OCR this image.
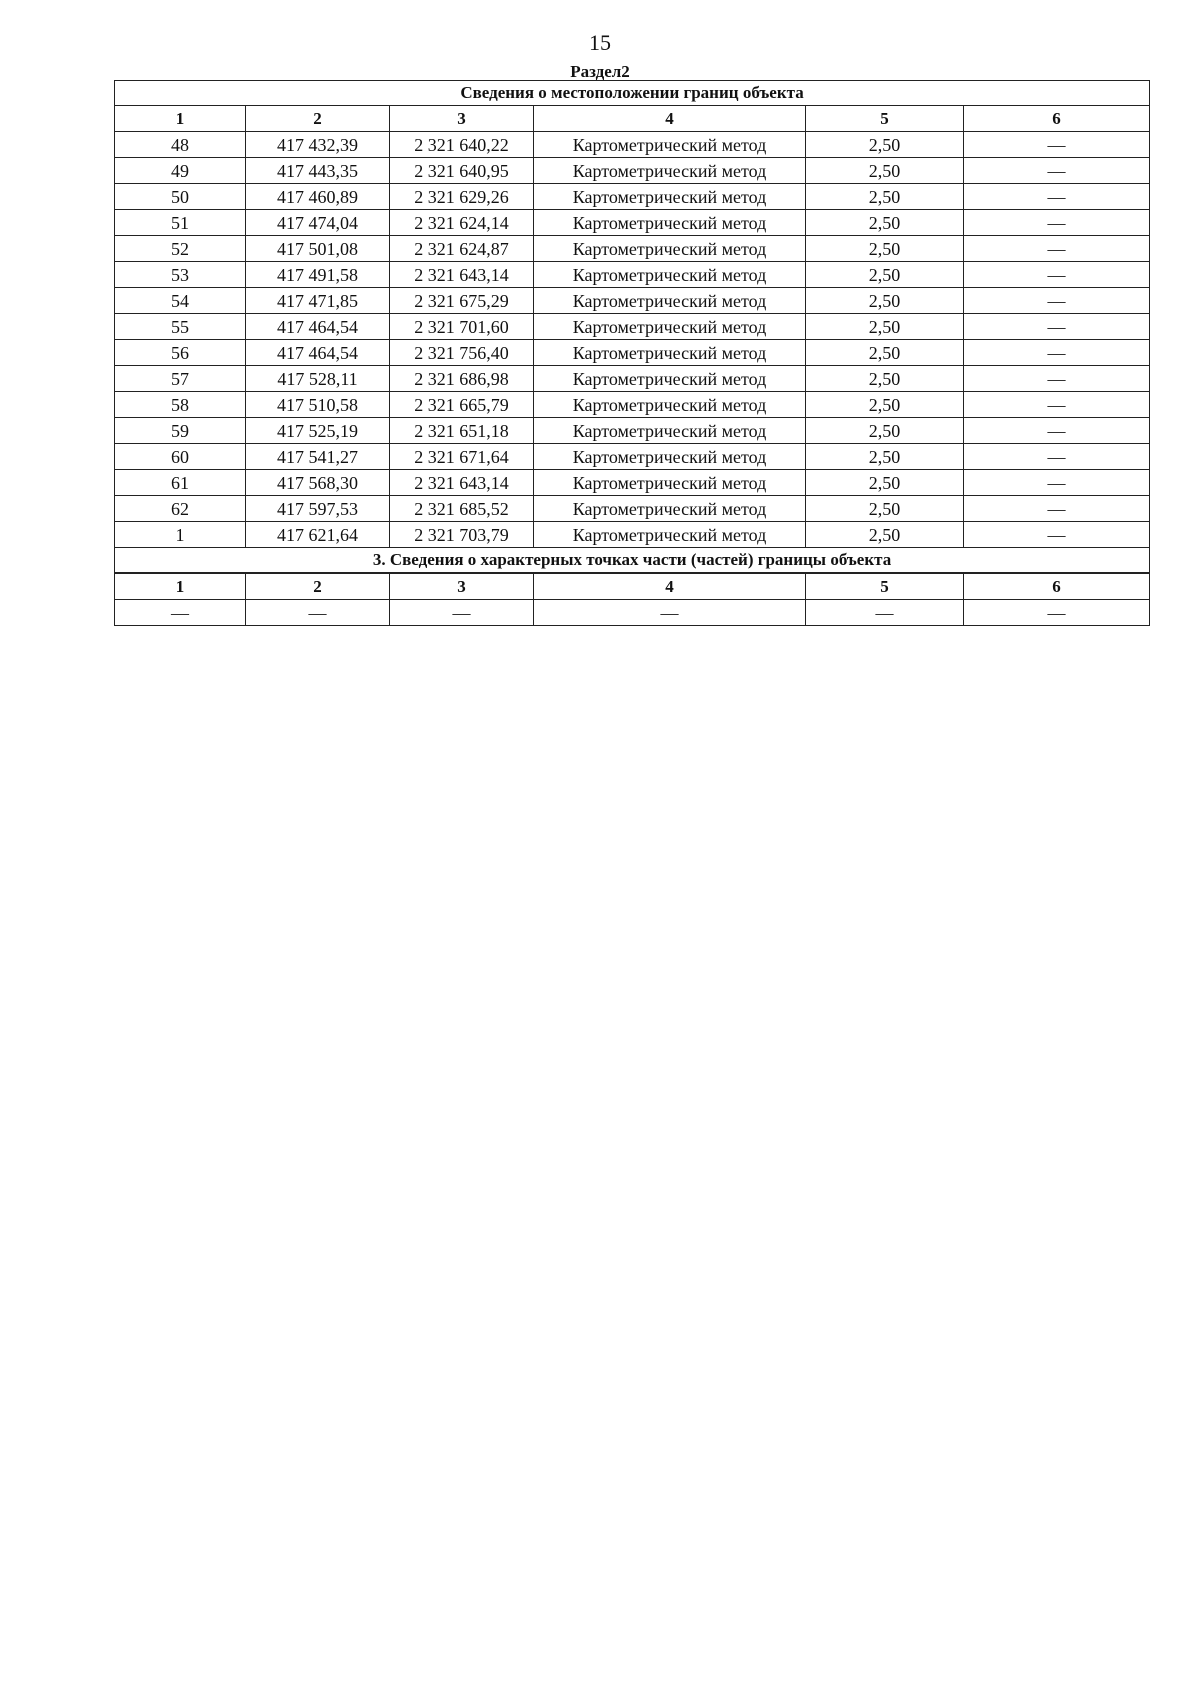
15
Раздел2
Сведения о местоположении границ объекта					
1	2	3	4	5	6
48	417 432,39	2 321 640,22	Картометрический метод	2,50	—
49	417 443,35	2 321 640,95	Картометрический метод	2,50	—
50	417 460,89	2 321 629,26	Картометрический метод	2,50	—
51	417 474,04	2 321 624,14	Картометрический метод	2,50	—
52	417 501,08	2 321 624,87	Картометрический метод	2,50	—
53	417 491,58	2 321 643,14	Картометрический метод	2,50	—
54	417 471,85	2 321 675,29	Картометрический метод	2,50	—
55	417 464,54	2 321 701,60	Картометрический метод	2,50	—
56	417 464,54	2 321 756,40	Картометрический метод	2,50	—
57	417 528,11	2 321 686,98	Картометрический метод	2,50	—
58	417 510,58	2 321 665,79	Картометрический метод	2,50	—
59	417 525,19	2 321 651,18	Картометрический метод	2,50	—
60	417 541,27	2 321 671,64	Картометрический метод	2,50	—
61	417 568,30	2 321 643,14	Картометрический метод	2,50	—
62	417 597,53	2 321 685,52	Картометрический метод	2,50	—
1	417 621,64	2 321 703,79	Картометрический метод	2,50	—
3. Сведения о характерных точках части (частей) границы объекта					
1	2	3	4	5	6
—	—	—	—	—	—
